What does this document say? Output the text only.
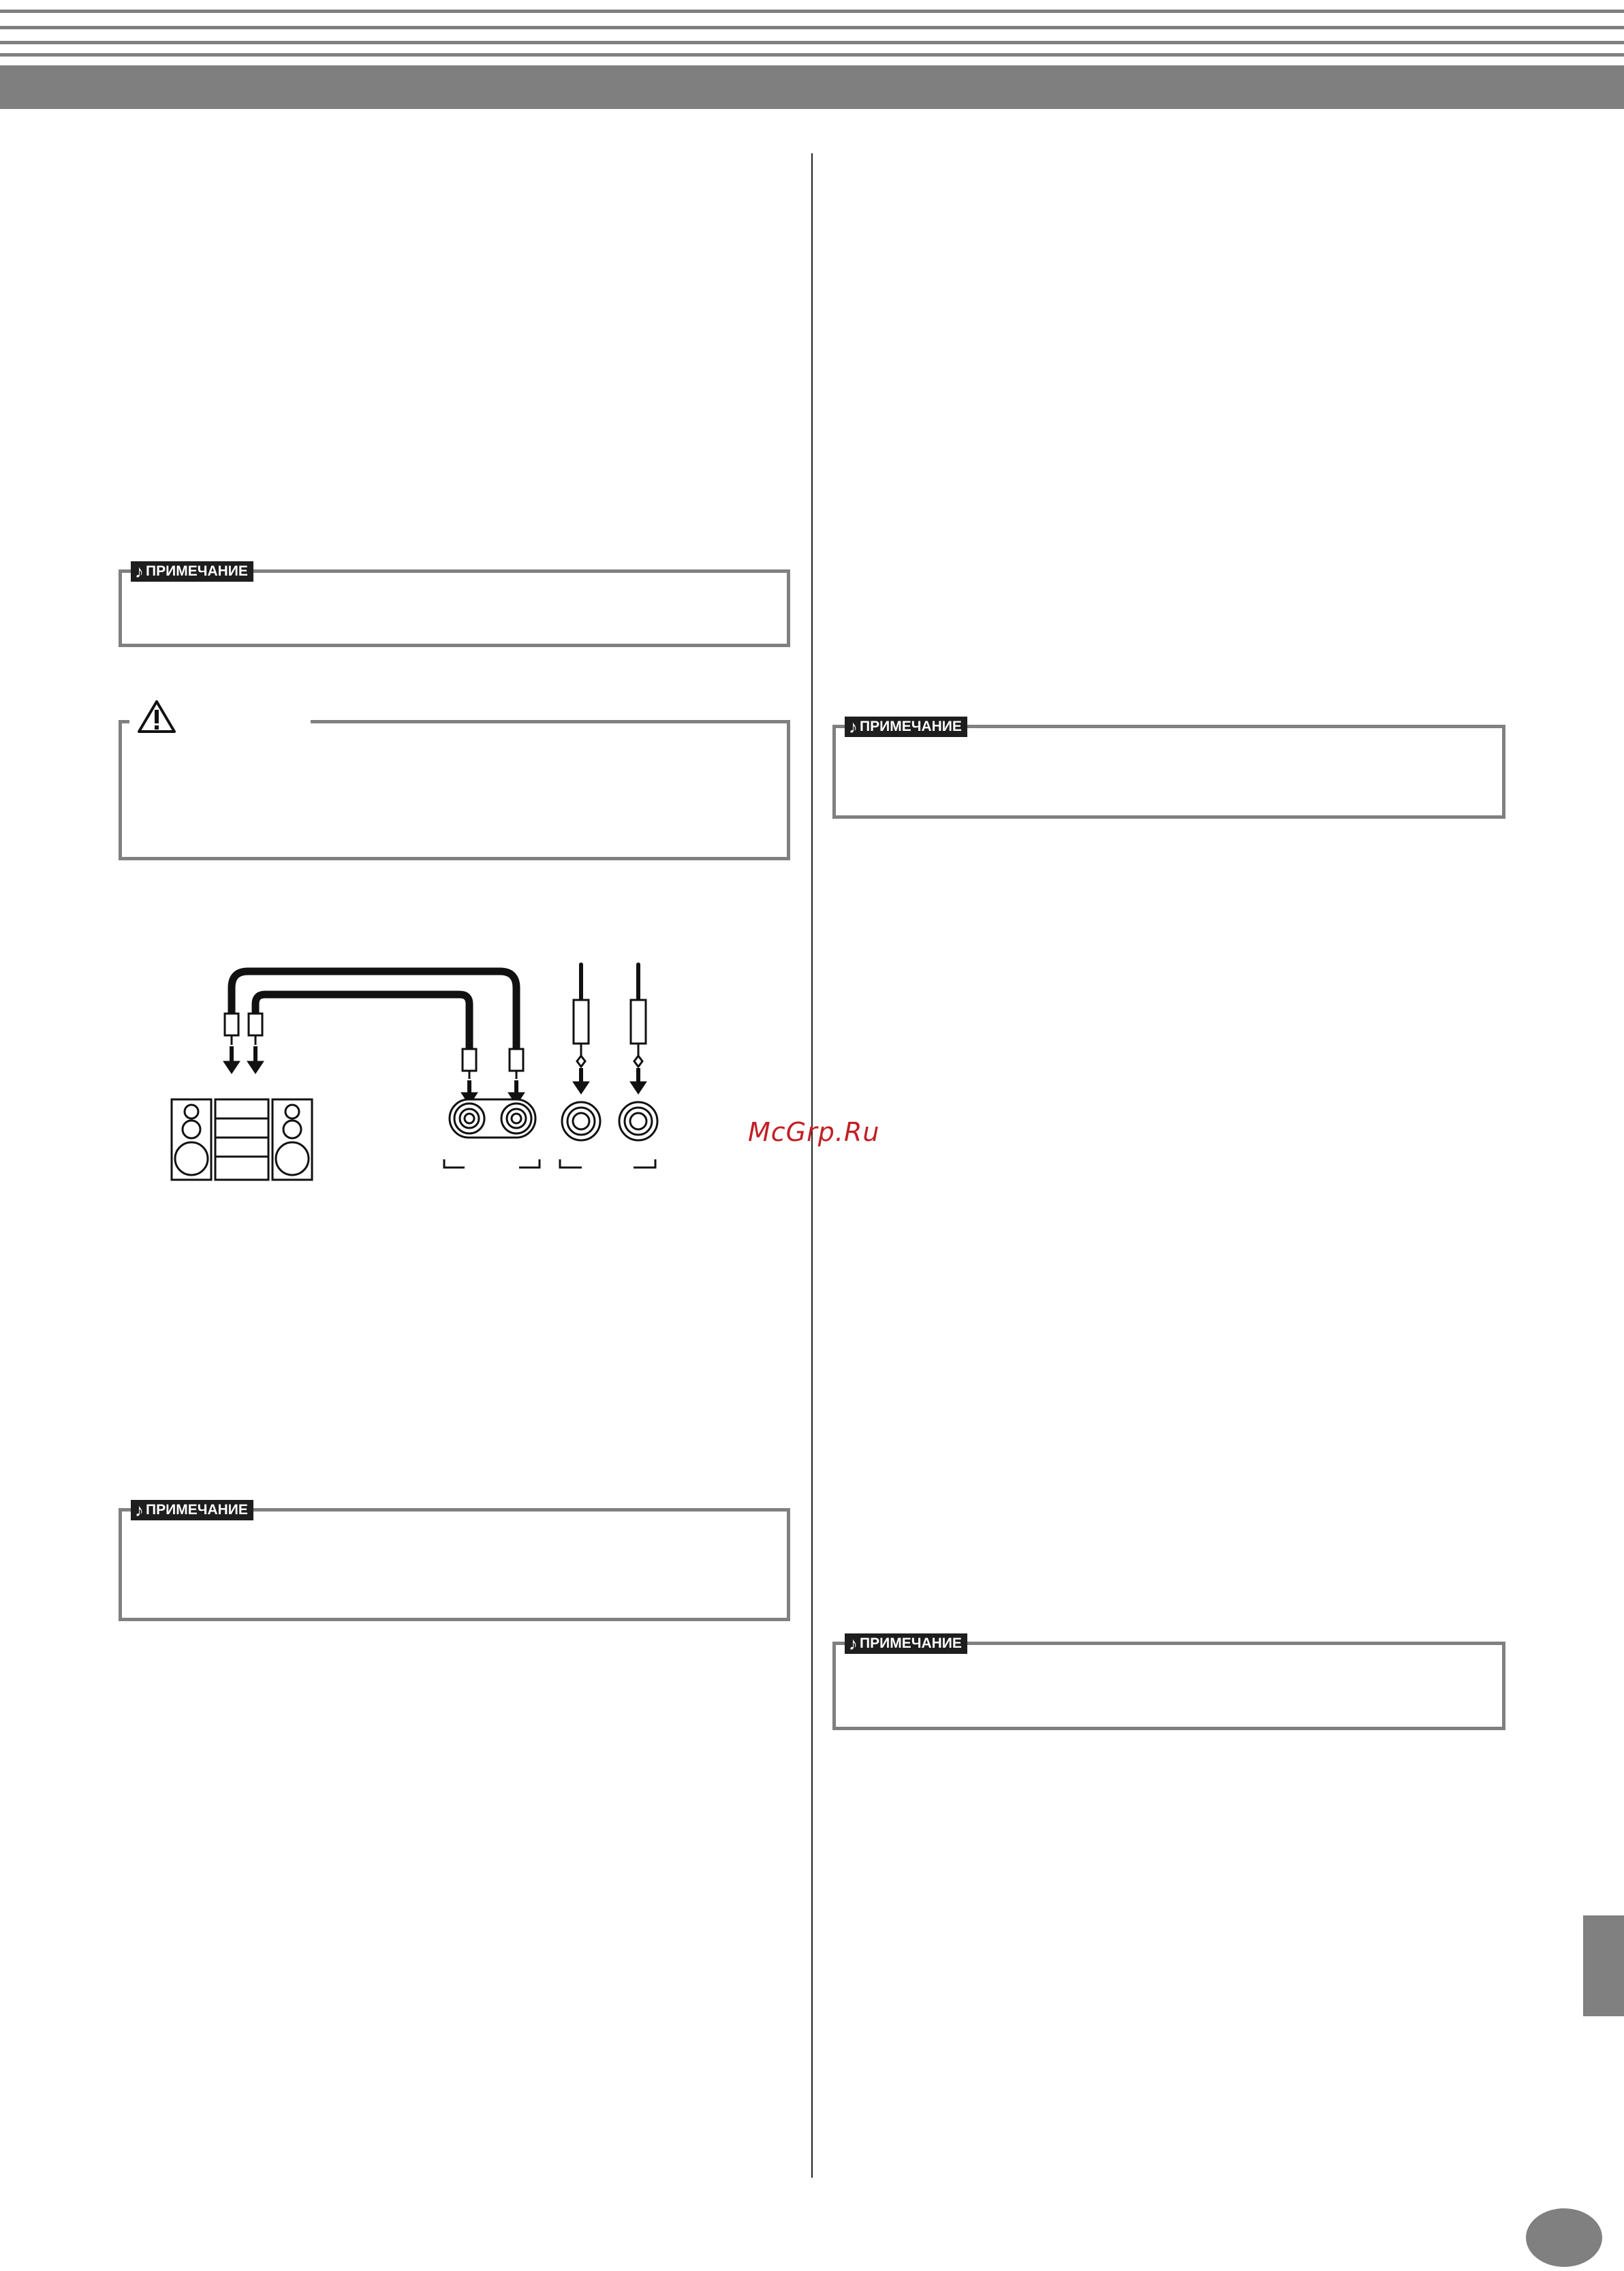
♪ ПРИМЕЧАНИЕ
♪ ПРИМЕЧАНИЕ
♪ ПРИМЕЧАНИЕ
♪ ПРИМЕЧАНИЕ
McGrp.Ru
